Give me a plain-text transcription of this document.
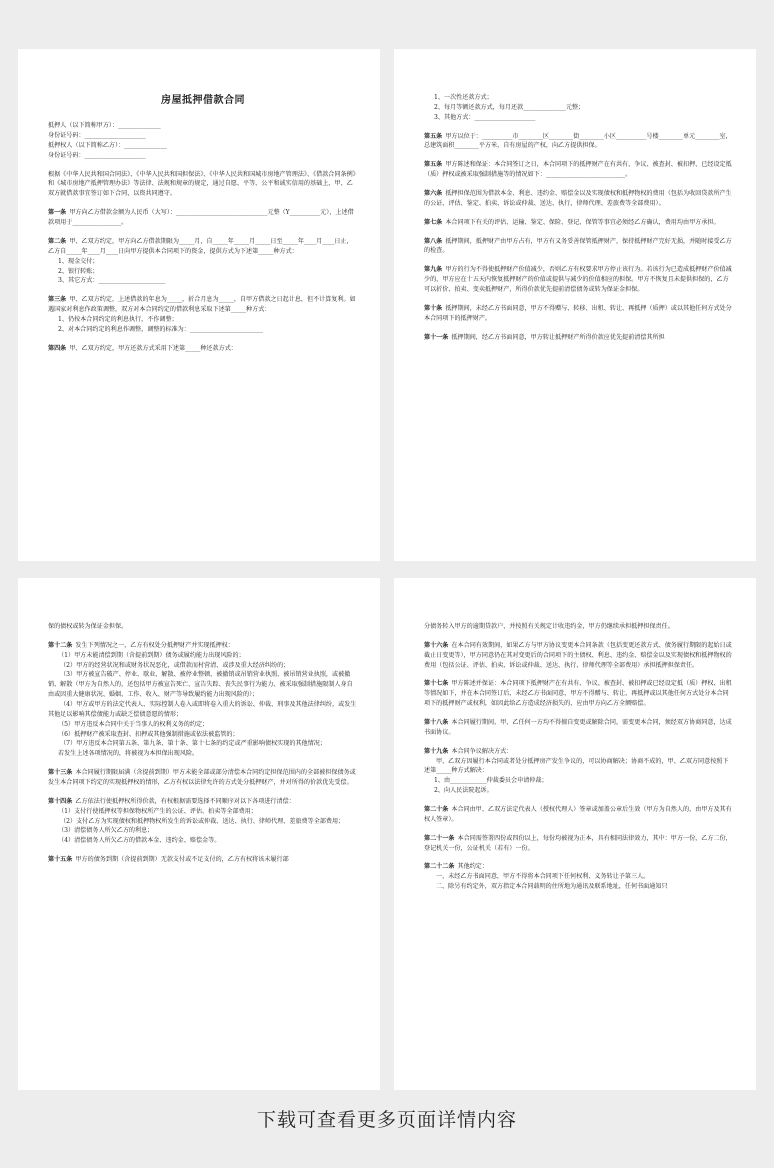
房屋抵押借款合同
抵押人（以下简称甲方）：______________
身份证号码：____________________
抵押权人（以下简称乙方）：______________
身份证号码：____________________
根据《中华人民共和国合同法》、《中华人民共和国担保法》、《中华人民共和国城市房地产管理法》、《借款合同条例》和《城市房地产抵押管理办法》等法律、法规和规章的规定，通过自愿、平等、公平和诚实信用的基础上，甲、乙双方就借款事宜签订如下合同，以资共同遵守。
第一条  甲方向乙方借款金额为人民币（大写）：______________________________元整（Y__________元），上述借款项用于________________。
第二条  甲、乙双方约定，甲方向乙方借款期限为_____月，自_____年_____月_____日至_____年____月____日止，乙方自_____年____月____日向甲方提供本合同项下的资金，提供方式为下述第_____种方式：
1、现金交付；
2、银行转账；
3、其它方式：______________________
第三条  甲、乙双方约定，上述借款的年息为_____，折合月息为_____，自甲方借款之日起计息，但不计算复利。如遇国家对利息作政策调整，双方对本合同约定的借款利息采取下述第_____种方式：
1、仍按本合同约定的利息执行，不作调整；
2、对本合同约定的利息作调整，调整的标准为：________________________
第四条  甲、乙双方约定，甲方还款方式采用下述第_____种还款方式：
1、一次性还款方式；
2、每月等额还款方式，每月还款______________元整；
3、其他方式：____________________
第五条  甲方以位于：__________市________区________街________小区__________号楼________单元________室，总建筑面积________平方米，自有房屋的产权，向乙方提供担保。
第五条  甲方陈述和保证：本合同签订之日，本合同项下的抵押财产在有共有、争议、被查封、被扣押、已经设定抵（质）押权或被采取强制措施等的情况如下：__________________________。
第六条  抵押担保范围为借款本金、利息、违约金、赔偿金以及实现债权和抵押物权的费用（包括为收回贷款所产生的公证、评估、鉴定、拍卖、诉讼或仲裁、送达、执行、律师代理、差旅费等全部费用）。
第七条  本合同项下有关的评估、运输、鉴定、保险、登记、保管等事宜必须经乙方确认，费用均由甲方承担。
第八条  抵押期间，抵押财产由甲方占有，甲方有义务妥善保管抵押财产，保持抵押财产完好无损，并随时接受乙方的检查。
第九条  甲方的行为不得使抵押财产价值减少，否则乙方有权要求甲方停止该行为。若该行为已造成抵押财产价值减少的，甲方应在十五天内恢复抵押财产的价值或提供与减少的价值相应的担保。甲方不恢复且未提供担保的，乙方可以折价、拍卖、变卖抵押财产，所得价款优先提前清偿债务或转为保证金担保。
第十条  抵押期间，未经乙方书面同意，甲方不得赠与、转移、出租、转让、再抵押（质押）或以其他任何方式处分本合同项下的抵押财产。
第十一条  抵押期间，经乙方书面同意，甲方转让抵押财产所得价款应优先提前清偿其所担
保的债权或转为保证金担保。
第十二条  发生下列情况之一，乙方有权处分抵押财产并实现抵押权：
（1）甲方未能清偿到期（含提前到期）债务或履约能力出现风险的；
（2）甲方的经营状况和或财务状况恶化，或借款而村营清、或涉及重大经济纠纷的；
（3）甲方被宣告破产、停业、歇业、解散、被停业整顿、被撤销或吊销营业执照、被吊销营业执照，或被撤销、解散（甲方为自然人的，还包括甲方被宣告死亡、宣告失踪、丧失民事行为能力、被采取强制措施限制人身自由或因重大健康状况、婚姻、工作、收入、财产等导致履约能力出现风险的）；
（4）甲方或甲方的法定代表人、实际控制人卷入或即将卷入重大的诉讼、仲裁、刑事及其他法律纠纷，或发生其他足以影响其偿债能力或缺乏偿债意愿的情形；
（5）甲方违反本合同中关于当事人的权利义务的约定；
（6）抵押财产被采取查封、扣押或其他强制措施或依法被监管的；
（7）甲方违反本合同第五条、第九条、第十条、第十七条的约定或严重影响债权实现的其他情况；
若发生上述各项情况的，将被视为本担保出现风险。
第十三条  本合同履行期限届满（含提前到期）甲方未能全部或部分清偿本合同约定担保范围内的全部被担保债务或发生本合同项下约定的实现抵押权的情形，乙方有权以法律允许的方式处分抵押财产，并对所得的价款优先受偿。
第十四条  乙方依法行使抵押权所得价款，有权根据需要选择不同顺序对以下各项进行清偿：
（1）支付行使抵押权等担保物权所产生的公证、评估、拍卖等全部费用；
（2）支付乙方为实现债权和抵押物权所发生的诉讼或仲裁、送达、执行、律师代理、差旅费等全部费用；
（3）清偿债务人所欠乙方的利息；
（4）清偿债务人所欠乙方的借款本金、违约金、赔偿金等。
第十五条  甲方的债务到期（含提前到期）无款支付或不足支付的，乙方有权将该未履行部
分债务转入甲方的逾期贷款户，并按照有关规定计收违约金，甲方仍继续承担抵押担保责任。
第十六条  在本合同有效期间，如果乙方与甲方协议变更本合同条款（包括变更还款方式、债务履行期限的起始日或截止日变更等），甲方同意仍在其对变更后的合同项下的主债权、利息、违约金、赔偿金以及实现债权和抵押物权的费用（包括公证、评估、拍卖、诉讼或仲裁、送达、执行、律师代理等全部费用）承担抵押担保责任。
第十七条  甲方陈述并保证：本合同项下抵押财产在有共有、争议、被查封、被扣押或已经设定抵（质）押权、出租等情况如下，并在本合同签订后，未经乙方书面同意，甲方不得赠与、转让、再抵押或以其他任何方式处分本合同项下的抵押财产或权利，如因此给乙方造成经济损失的，应由甲方向乙方全额赔偿。
第十八条  本合同履行期间，甲、乙任何一方均不得擅自变更或解除合同，需变更本合同，须经双方协商同意，达成书面协议。
第十九条  本合同争议解决方式：
甲、乙双方因履行本合同或者处分抵押房产发生争议的，可以协商解决；协商不成的，甲、乙双方同意按照下述第_____种方式解决：
1、由____________仲裁委员会申请仲裁；
2、向人民法院起诉。
第二十条  本合同由甲、乙双方法定代表人（授权代理人）签章或加盖公章后生效（甲方为自然人的，由甲方及其有权人签章）。
第二十一条  本合同需签署四份或四份以上，每份均被视为正本，具有相同法律效力，其中：甲方一份，乙方二份，登记机关一份，公证机关（若有）一份。
第二十二条  其他约定：
一、未经乙方书面同意，甲方不得将本合同项下任何权利、义务转让予第三人。
二、除另有约定外，双方指定本合同载明的住所地为通讯及联系地址，任何书面通知只
下载可查看更多页面详情内容
